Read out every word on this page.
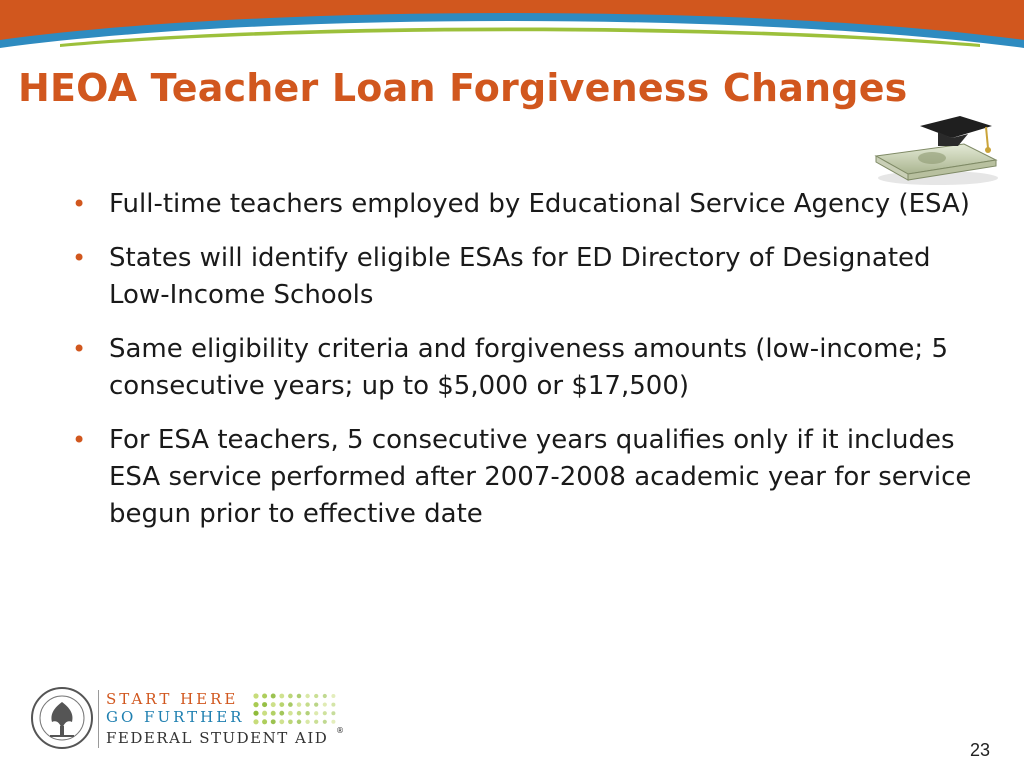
HEOA Teacher Loan Forgiveness Changes
• Full-time teachers employed by Educational Service Agency (ESA)
• States will identify eligible ESAs for ED Directory of Designated Low-Income Schools
• Same eligibility criteria and forgiveness amounts (low-income; 5 consecutive years; up to $5,000 or $17,500)
• For ESA teachers, 5 consecutive years qualifies only if it includes ESA service performed after 2007-2008 academic year for service begun prior to effective date
START HERE
GO FURTHER
FEDERAL STUDENT AID ®
23
